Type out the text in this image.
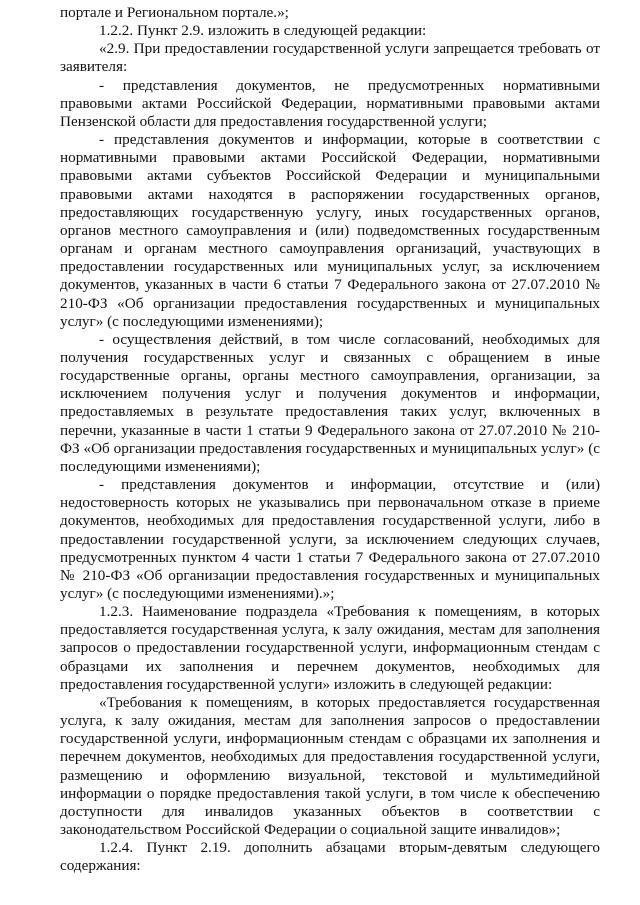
порталe и Региональном портале.»;

1.2.2. Пункт 2.9. изложить в следующей редакции:

«2.9. При предоставлении государственной услуги запрещается требовать от заявителя:

- представления документов, не предусмотренных нормативными правовыми актами Российской Федерации, нормативными правовыми актами Пензенской области для предоставления государственной услуги;

- представления документов и информации, которые в соответствии с нормативными правовыми актами Российской Федерации, нормативными правовыми актами субъектов Российской Федерации и муниципальными правовыми актами находятся в распоряжении государственных органов, предоставляющих государственную услугу, иных государственных органов, органов местного самоуправления и (или) подведомственных государственным органам и органам местного самоуправления организаций, участвующих в предоставлении государственных или муниципальных услуг, за исключением документов, указанных в части 6 статьи 7 Федерального закона от 27.07.2010 № 210-ФЗ «Об организации предоставления государственных и муниципальных услуг» (с последующими изменениями);

- осуществления действий, в том числе согласований, необходимых для получения государственных услуг и связанных с обращением в иные государственные органы, органы местного самоуправления, организации, за исключением получения услуг и получения документов и информации, предоставляемых в результате предоставления таких услуг, включенных в перечни, указанные в части 1 статьи 9 Федерального закона от 27.07.2010 № 210-ФЗ «Об организации предоставления государственных и муниципальных услуг» (с последующими изменениями);

- представления документов и информации, отсутствие и (или) недостоверность которых не указывались при первоначальном отказе в приеме документов, необходимых для предоставления государственной услуги, либо в предоставлении государственной услуги, за исключением следующих случаев, предусмотренных пунктом 4 части 1 статьи 7 Федерального закона от 27.07.2010 № 210-ФЗ «Об организации предоставления государственных и муниципальных услуг» (с последующими изменениями).»;

1.2.3. Наименование подраздела «Требования к помещениям, в которых предоставляется государственная услуга, к залу ожидания, местам для заполнения запросов о предоставлении государственной услуги, информационным стендам с образцами их заполнения и перечнем документов, необходимых для предоставления государственной услуги» изложить в следующей редакции:

«Требования к помещениям, в которых предоставляется государственная услуга, к залу ожидания, местам для заполнения запросов о предоставлении государственной услуги, информационным стендам с образцами их заполнения и перечнем документов, необходимых для предоставления государственной услуги, размещению и оформлению визуальной, текстовой и мультимедийной информации о порядке предоставления такой услуги, в том числе к обеспечению доступности для инвалидов указанных объектов в соответствии с законодательством Российской Федерации о социальной защите инвалидов»;

1.2.4. Пункт 2.19. дополнить абзацами вторым-девятым следующего содержания:
